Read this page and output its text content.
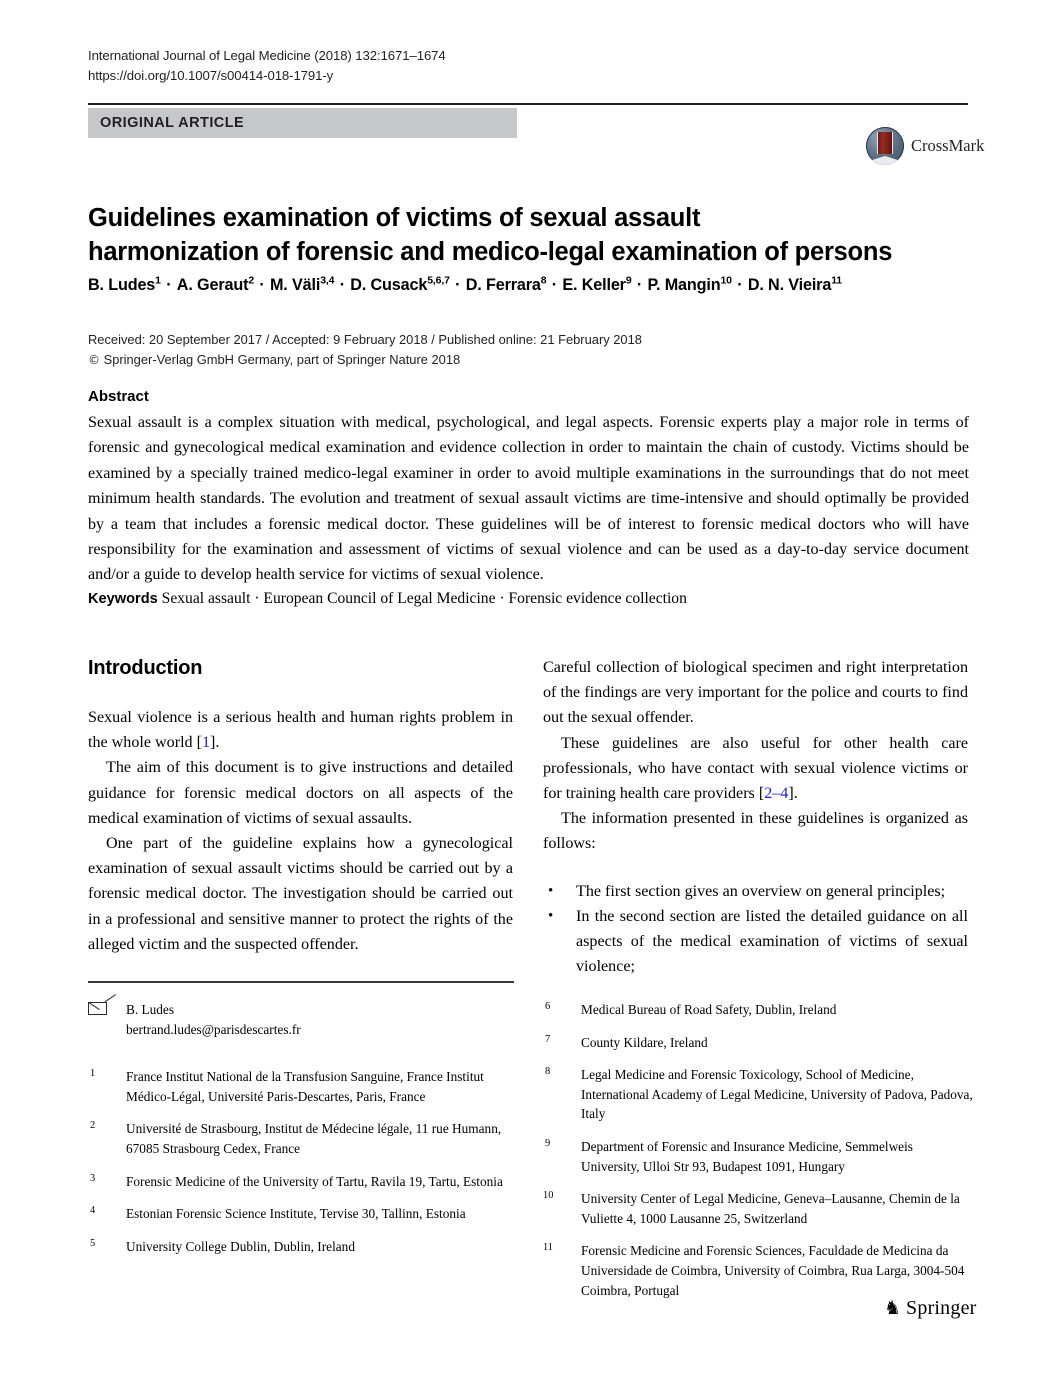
International Journal of Legal Medicine (2018) 132:1671–1674
https://doi.org/10.1007/s00414-018-1791-y
ORIGINAL ARTICLE
CrossMark
Guidelines examination of victims of sexual assault
harmonization of forensic and medico-legal examination of persons
B. Ludes$^1$ · A. Geraut$^2$ · M. Väli$^{3,4}$ · D. Cusack$^{5,6,7}$ · D. Ferrara$^8$ · E. Keller$^9$ · P. Mangin$^{10}$ · D. N. Vieira$^{11}$
Received: 20 September 2017 / Accepted: 9 February 2018 / Published online: 21 February 2018
© Springer-Verlag GmbH Germany, part of Springer Nature 2018
Abstract
Sexual assault is a complex situation with medical, psychological, and legal aspects. Forensic experts play a major role in terms of forensic and gynecological medical examination and evidence collection in order to maintain the chain of custody. Victims should be examined by a specially trained medico-legal examiner in order to avoid multiple examinations in the surroundings that do not meet minimum health standards. The evolution and treatment of sexual assault victims are time-intensive and should optimally be provided by a team that includes a forensic medical doctor. These guidelines will be of interest to forensic medical doctors who will have responsibility for the examination and assessment of victims of sexual violence and can be used as a day-to-day service document and/or a guide to develop health service for victims of sexual violence.
Keywords Sexual assault · European Council of Legal Medicine · Forensic evidence collection
Introduction

Sexual violence is a serious health and human rights problem in the whole world [1].

The aim of this document is to give instructions and detailed guidance for forensic medical doctors on all aspects of the medical examination of victims of sexual assaults.

One part of the guideline explains how a gynecological examination of sexual assault victims should be carried out by a forensic medical doctor. The investigation should be carried out in a professional and sensitive manner to protect the rights of the alleged victim and the suspected offender.

Careful collection of biological specimen and right interpretation of the findings are very important for the police and courts to find out the sexual offender.

These guidelines are also useful for other health care professionals, who have contact with sexual violence victims or for training health care providers [2–4].

The information presented in these guidelines is organized as follows:

• The first section gives an overview on general principles;
• In the second section are listed the detailed guidance on all aspects of the medical examination of victims of sexual violence;
B. Ludes
bertrand.ludes@parisdescartes.fr
1 France Institut National de la Transfusion Sanguine, France Institut Médico-Légal, Université Paris-Descartes, Paris, France
2 Université de Strasbourg, Institut de Médecine légale, 11 rue Humann, 67085 Strasbourg Cedex, France
3 Forensic Medicine of the University of Tartu, Ravila 19, Tartu, Estonia
4 Estonian Forensic Science Institute, Tervise 30, Tallinn, Estonia
5 University College Dublin, Dublin, Ireland
6 Medical Bureau of Road Safety, Dublin, Ireland
7 County Kildare, Ireland
8 Legal Medicine and Forensic Toxicology, School of Medicine, International Academy of Legal Medicine, University of Padova, Padova, Italy
9 Department of Forensic and Insurance Medicine, Semmelweis University, Ulloi Str 93, Budapest 1091, Hungary
10 University Center of Legal Medicine, Geneva–Lausanne, Chemin de la Vuliette 4, 1000 Lausanne 25, Switzerland
11 Forensic Medicine and Forensic Sciences, Faculdade de Medicina da Universidade de Coimbra, University of Coimbra, Rua Larga, 3004-504 Coimbra, Portugal
♞ Springer
